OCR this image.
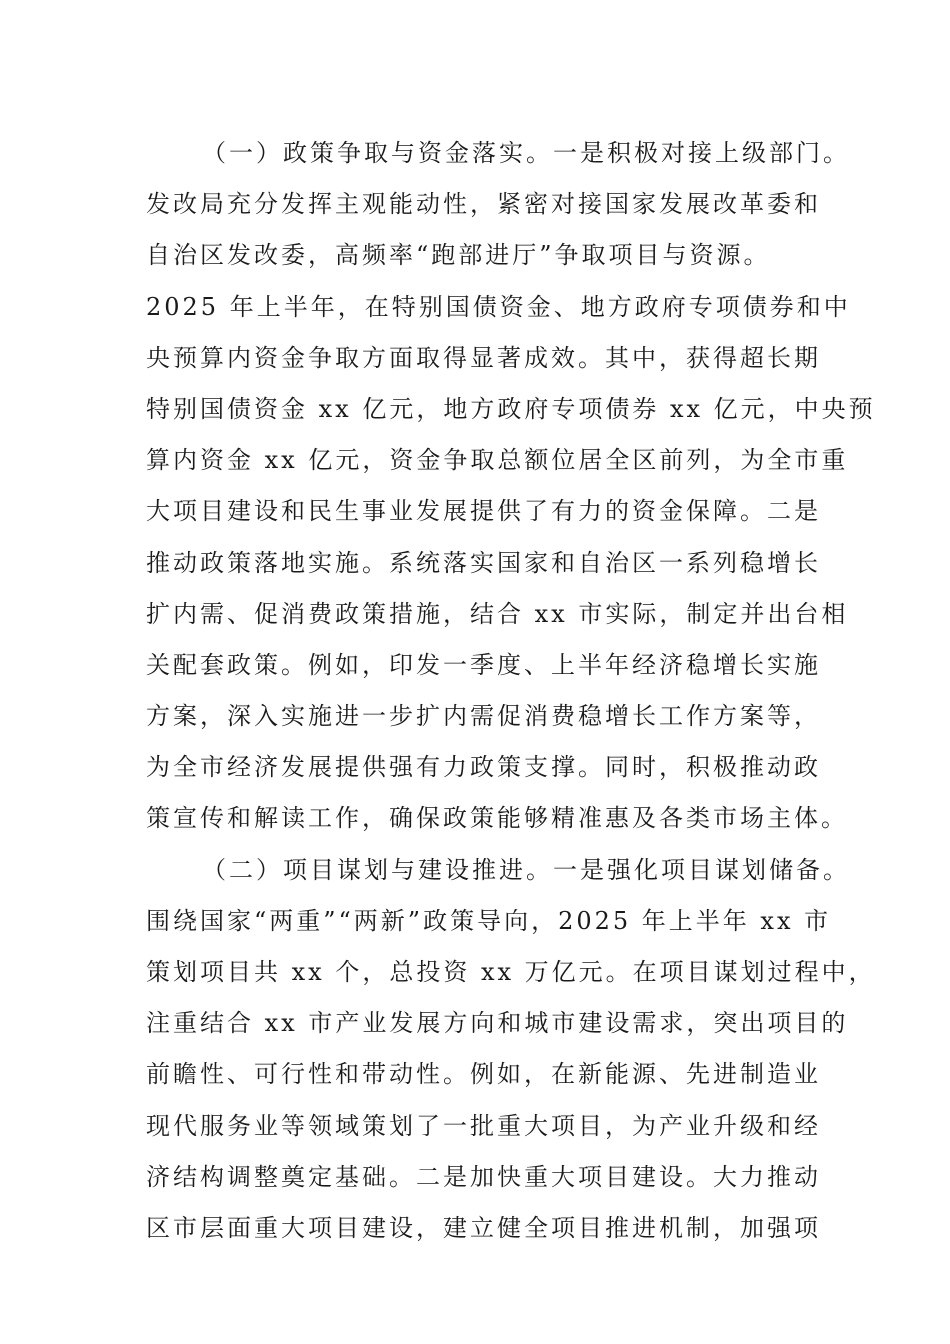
（一）政策争取与资金落实。一是积极对接上级部门。
发改局充分发挥主观能动性，紧密对接国家发展改革委和
自治区发改委，高频率“跑部进厅”争取项目与资源。
2025 年上半年，在特别国债资金、地方政府专项债券和中
央预算内资金争取方面取得显著成效。其中，获得超长期
特别国债资金 xx 亿元，地方政府专项债券 xx 亿元，中央预
算内资金 xx 亿元，资金争取总额位居全区前列，为全市重
大项目建设和民生事业发展提供了有力的资金保障。二是
推动政策落地实施。系统落实国家和自治区一系列稳增长
扩内需、促消费政策措施，结合 xx 市实际，制定并出台相
关配套政策。例如，印发一季度、上半年经济稳增长实施
方案，深入实施进一步扩内需促消费稳增长工作方案等，
为全市经济发展提供强有力政策支撑。同时，积极推动政
策宣传和解读工作，确保政策能够精准惠及各类市场主体。
（二）项目谋划与建设推进。一是强化项目谋划储备。
围绕国家“两重”“两新”政策导向，2025 年上半年 xx 市
策划项目共 xx 个，总投资 xx 万亿元。在项目谋划过程中，
注重结合 xx 市产业发展方向和城市建设需求，突出项目的
前瞻性、可行性和带动性。例如，在新能源、先进制造业
现代服务业等领域策划了一批重大项目，为产业升级和经
济结构调整奠定基础。二是加快重大项目建设。大力推动
区市层面重大项目建设，建立健全项目推进机制，加强项
